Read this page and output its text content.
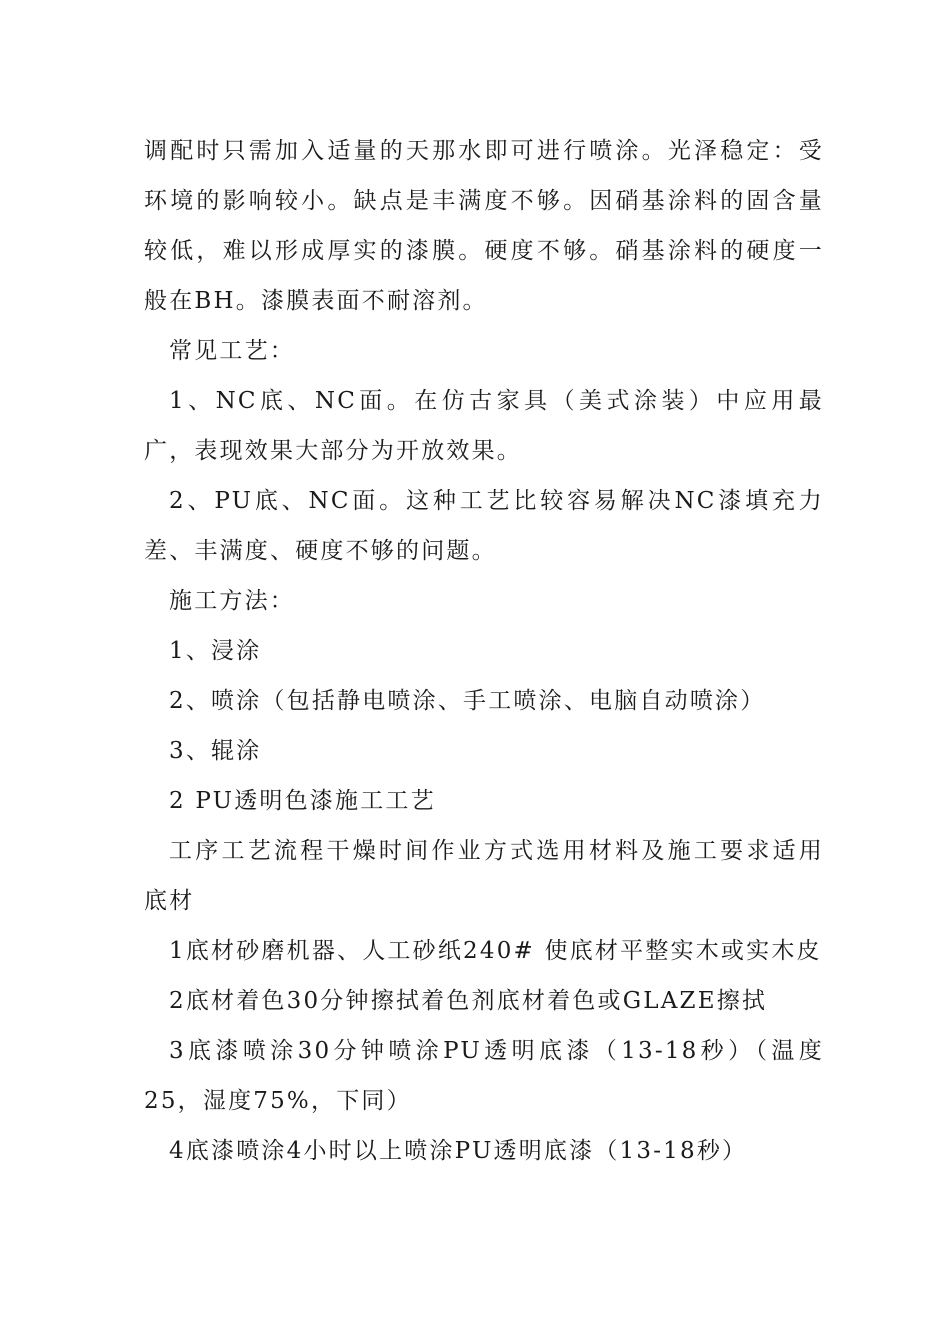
调配时只需加入适量的天那水即可进行喷涂。光泽稳定：受环境的影响较小。缺点是丰满度不够。因硝基涂料的固含量较低，难以形成厚实的漆膜。硬度不够。硝基涂料的硬度一般在BH。漆膜表面不耐溶剂。

常见工艺：

1、NC底、NC面。在仿古家具（美式涂装）中应用最广，表现效果大部分为开放效果。

2、PU底、NC面。这种工艺比较容易解决NC漆填充力差、丰满度、硬度不够的问题。

施工方法：

1、浸涂

2、喷涂（包括静电喷涂、手工喷涂、电脑自动喷涂）

3、辊涂

2 PU透明色漆施工工艺

工序工艺流程干燥时间作业方式选用材料及施工要求适用底材

1底材砂磨机器、人工砂纸240# 使底材平整实木或实木皮

2底材着色30分钟擦拭着色剂底材着色或GLAZE擦拭

3底漆喷涂30分钟喷涂PU透明底漆（13-18秒）（温度25，湿度75%，下同）

4底漆喷涂4小时以上喷涂PU透明底漆（13-18秒）
